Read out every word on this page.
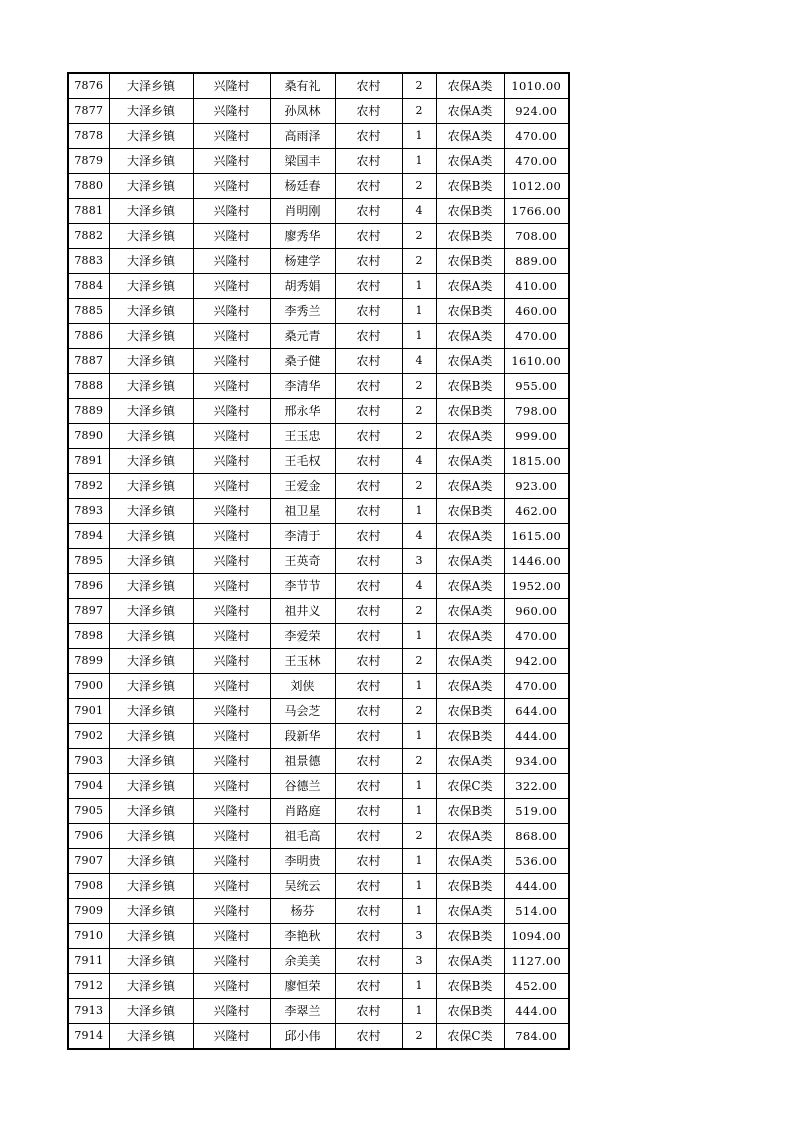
7876	大泽乡镇	兴隆村	桑有礼	农村	2	农保A类	1010.00
7877	大泽乡镇	兴隆村	孙凤林	农村	2	农保A类	924.00
7878	大泽乡镇	兴隆村	高雨泽	农村	1	农保A类	470.00
7879	大泽乡镇	兴隆村	梁国丰	农村	1	农保A类	470.00
7880	大泽乡镇	兴隆村	杨廷春	农村	2	农保B类	1012.00
7881	大泽乡镇	兴隆村	肖明刚	农村	4	农保B类	1766.00
7882	大泽乡镇	兴隆村	廖秀华	农村	2	农保B类	708.00
7883	大泽乡镇	兴隆村	杨建学	农村	2	农保B类	889.00
7884	大泽乡镇	兴隆村	胡秀娟	农村	1	农保A类	410.00
7885	大泽乡镇	兴隆村	李秀兰	农村	1	农保B类	460.00
7886	大泽乡镇	兴隆村	桑元青	农村	1	农保A类	470.00
7887	大泽乡镇	兴隆村	桑子健	农村	4	农保A类	1610.00
7888	大泽乡镇	兴隆村	李清华	农村	2	农保B类	955.00
7889	大泽乡镇	兴隆村	邢永华	农村	2	农保B类	798.00
7890	大泽乡镇	兴隆村	王玉忠	农村	2	农保A类	999.00
7891	大泽乡镇	兴隆村	王毛权	农村	4	农保A类	1815.00
7892	大泽乡镇	兴隆村	王爱金	农村	2	农保A类	923.00
7893	大泽乡镇	兴隆村	祖卫星	农村	1	农保B类	462.00
7894	大泽乡镇	兴隆村	李清于	农村	4	农保A类	1615.00
7895	大泽乡镇	兴隆村	王英奇	农村	3	农保A类	1446.00
7896	大泽乡镇	兴隆村	李节节	农村	4	农保A类	1952.00
7897	大泽乡镇	兴隆村	祖井义	农村	2	农保A类	960.00
7898	大泽乡镇	兴隆村	李爱荣	农村	1	农保A类	470.00
7899	大泽乡镇	兴隆村	王玉林	农村	2	农保A类	942.00
7900	大泽乡镇	兴隆村	刘侠	农村	1	农保A类	470.00
7901	大泽乡镇	兴隆村	马会芝	农村	2	农保B类	644.00
7902	大泽乡镇	兴隆村	段新华	农村	1	农保B类	444.00
7903	大泽乡镇	兴隆村	祖景德	农村	2	农保A类	934.00
7904	大泽乡镇	兴隆村	谷德兰	农村	1	农保C类	322.00
7905	大泽乡镇	兴隆村	肖路庭	农村	1	农保B类	519.00
7906	大泽乡镇	兴隆村	祖毛高	农村	2	农保A类	868.00
7907	大泽乡镇	兴隆村	李明贵	农村	1	农保A类	536.00
7908	大泽乡镇	兴隆村	吴统云	农村	1	农保B类	444.00
7909	大泽乡镇	兴隆村	杨芬	农村	1	农保A类	514.00
7910	大泽乡镇	兴隆村	李艳秋	农村	3	农保B类	1094.00
7911	大泽乡镇	兴隆村	余美美	农村	3	农保A类	1127.00
7912	大泽乡镇	兴隆村	廖恒荣	农村	1	农保B类	452.00
7913	大泽乡镇	兴隆村	李翠兰	农村	1	农保B类	444.00
7914	大泽乡镇	兴隆村	邱小伟	农村	2	农保C类	784.00
